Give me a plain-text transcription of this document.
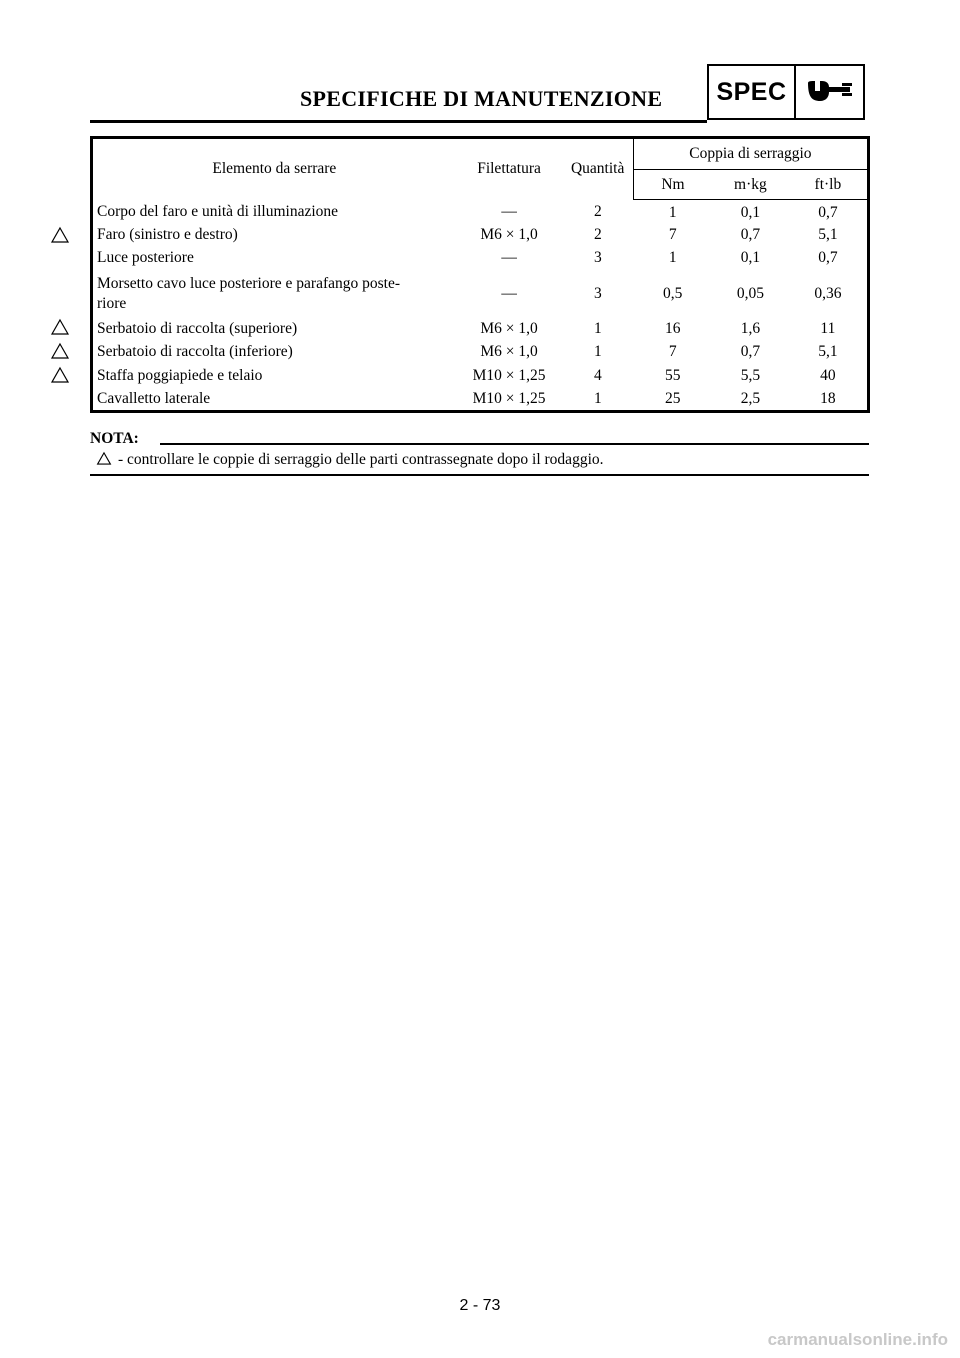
SPECIFICHE DI MANUTENZIONE SPEC
Elemento da serrare	Filettatura	Quantità	Coppia di serraggio		
			Nm	m·kg	ft·lb
Corpo del faro e unità di illuminazione	—	2	1	0,1	0,7
Faro (sinistro e destro)	M6 × 1,0	2	7	0,7	5,1
Luce posteriore	—	3	1	0,1	0,7
Morsetto cavo luce posteriore e parafango poste-
riore	—	3	0,5	0,05	0,36
Serbatoio di raccolta (superiore)	M6 × 1,0	1	16	1,6	11
Serbatoio di raccolta (inferiore)	M6 × 1,0	1	7	0,7	5,1
Staffa poggiapiede e telaio	M10 × 1,25	4	55	5,5	40
Cavalletto laterale	M10 × 1,25	1	25	2,5	18
NOTA:
- controllare le coppie di serraggio delle parti contrassegnate dopo il rodaggio.
2 - 73
carmanualsonline.info
